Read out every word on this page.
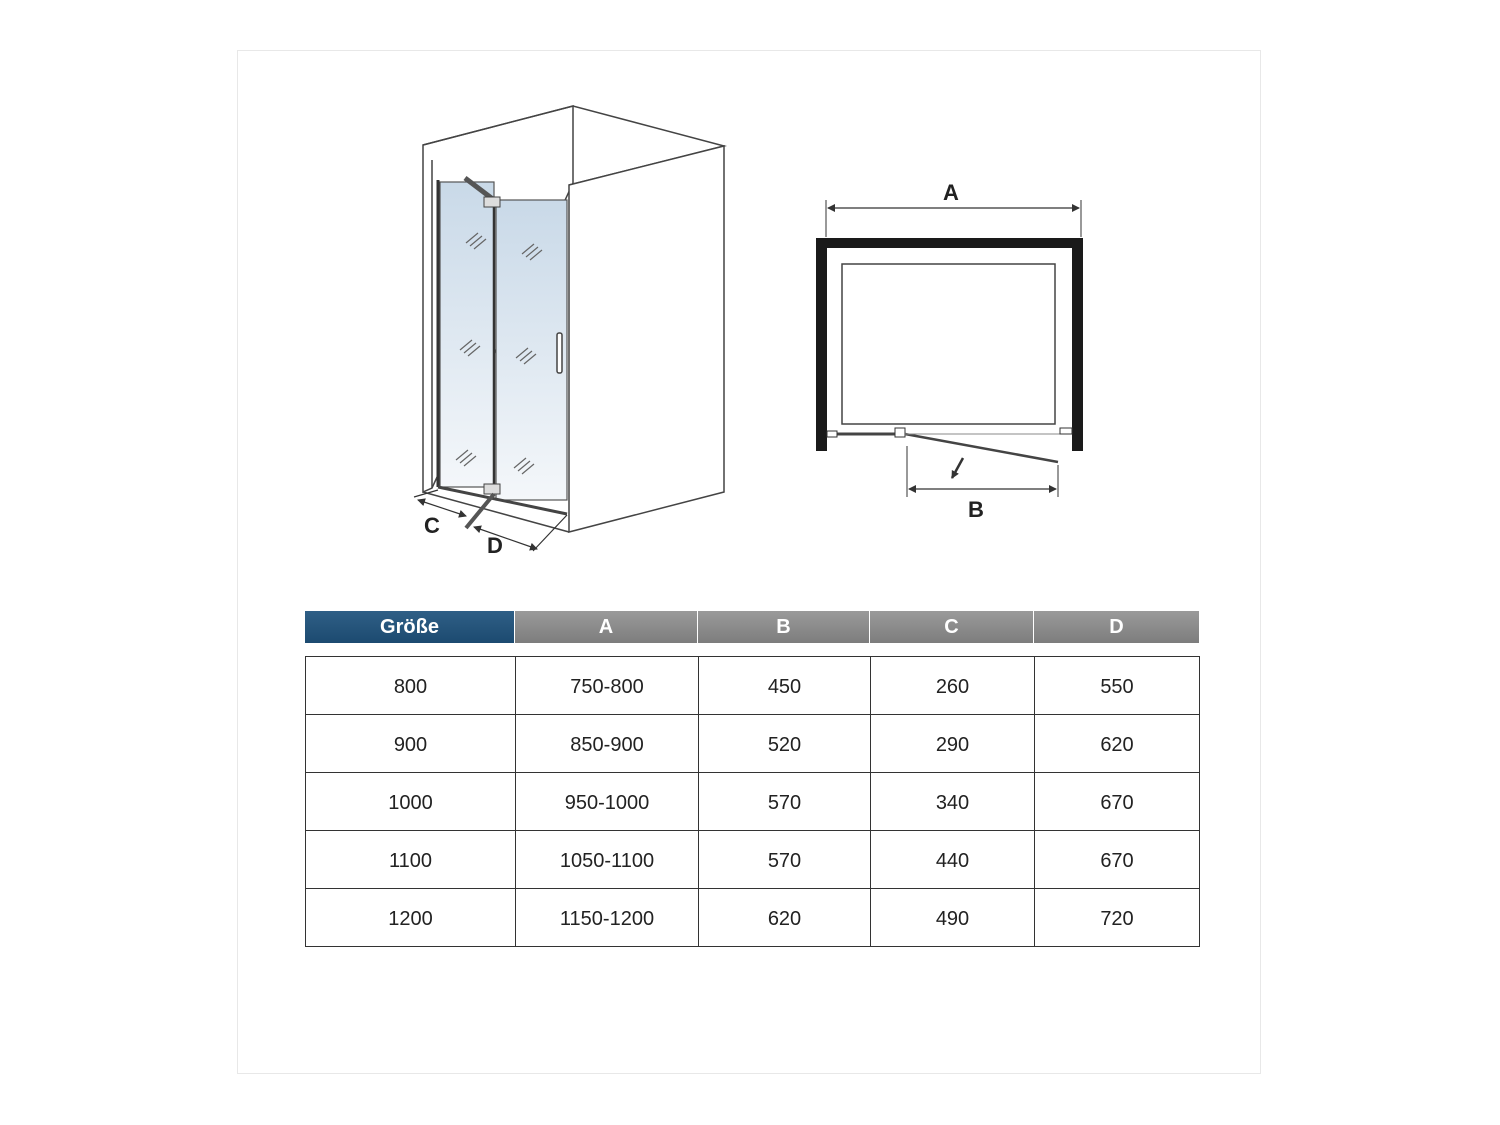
C
D
A
B
Größe	A	B	C	D
800	750-800	450	260	550
900	850-900	520	290	620
1000	950-1000	570	340	670
1100	1050-1100	570	440	670
1200	1150-1200	620	490	720
